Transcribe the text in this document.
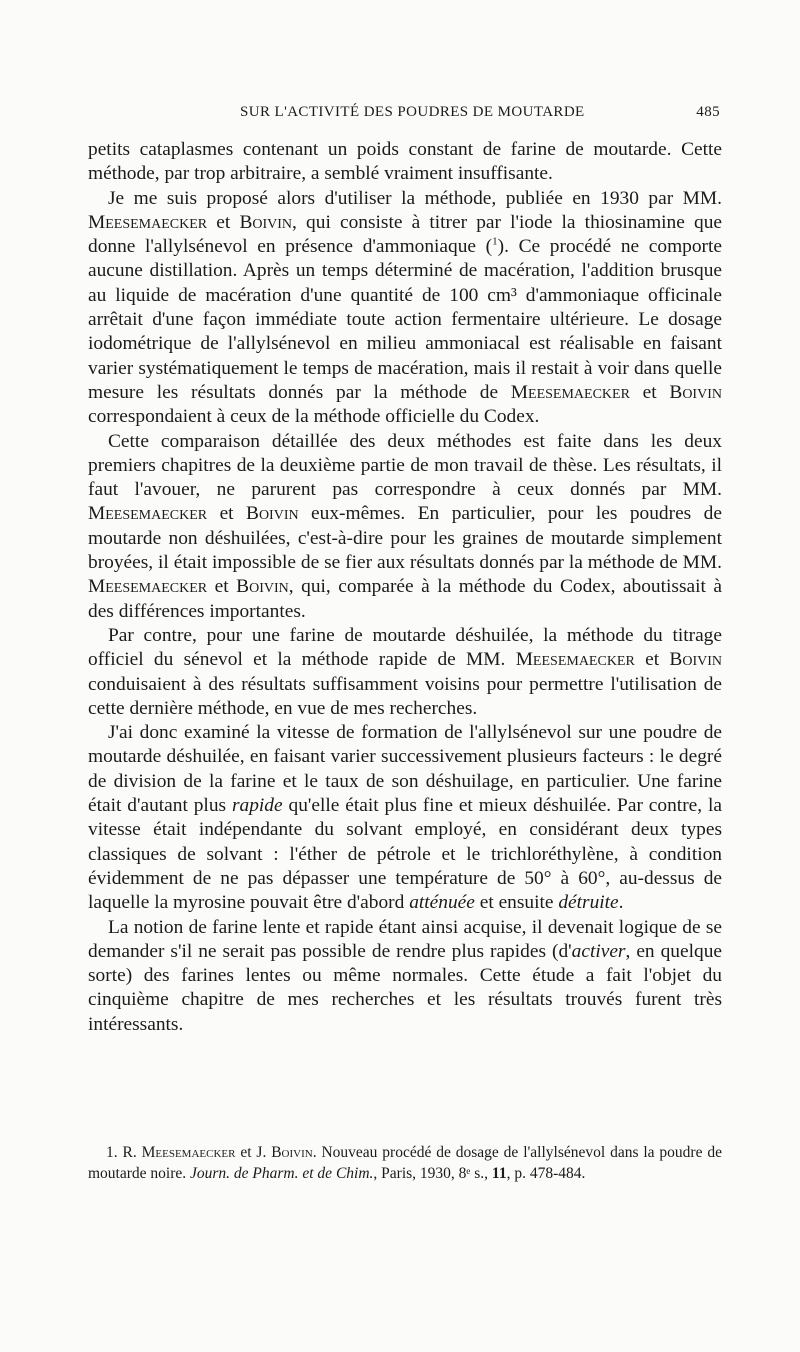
SUR L'ACTIVITÉ DES POUDRES DE MOUTARDE	485

petits cataplasmes contenant un poids constant de farine de moutarde. Cette méthode, par trop arbitraire, a semblé vraiment insuffisante.

Je me suis proposé alors d'utiliser la méthode, publiée en 1930 par MM. Meesemaecker et Boivin, qui consiste à titrer par l'iode la thiosinamine que donne l'allylsénevol en présence d'ammoniaque ($^1$). Ce procédé ne comporte aucune distillation. Après un temps déterminé de macération, l'addition brusque au liquide de macération d'une quantité de 100 cm³ d'ammoniaque officinale arrêtait d'une façon immédiate toute action fermentaire ultérieure. Le dosage iodométrique de l'allylsénevol en milieu ammoniacal est réalisable en faisant varier systématiquement le temps de macération, mais il restait à voir dans quelle mesure les résultats donnés par la méthode de Meesemaecker et Boivin correspondaient à ceux de la méthode officielle du Codex.

Cette comparaison détaillée des deux méthodes est faite dans les deux premiers chapitres de la deuxième partie de mon travail de thèse. Les résultats, il faut l'avouer, ne parurent pas correspondre à ceux donnés par MM. Meesemaecker et Boivin eux-mêmes. En particulier, pour les poudres de moutarde non déshuilées, c'est-à-dire pour les graines de moutarde simplement broyées, il était impossible de se fier aux résultats donnés par la méthode de MM. Meesemaecker et Boivin, qui, comparée à la méthode du Codex, aboutissait à des différences importantes.

Par contre, pour une farine de moutarde déshuilée, la méthode du titrage officiel du sénevol et la méthode rapide de MM. Meesemaecker et Boivin conduisaient à des résultats suffisamment voisins pour permettre l'utilisation de cette dernière méthode, en vue de mes recherches.

J'ai donc examiné la vitesse de formation de l'allylsénevol sur une poudre de moutarde déshuilée, en faisant varier successivement plusieurs facteurs : le degré de division de la farine et le taux de son déshuilage, en particulier. Une farine était d'autant plus rapide qu'elle était plus fine et mieux déshuilée. Par contre, la vitesse était indépendante du solvant employé, en considérant deux types classiques de solvant : l'éther de pétrole et le trichloréthylène, à condition évidemment de ne pas dépasser une température de 50° à 60°, au-dessus de laquelle la myrosine pouvait être d'abord atténuée et ensuite détruite.

La notion de farine lente et rapide étant ainsi acquise, il devenait logique de se demander s'il ne serait pas possible de rendre plus rapides (d'activer, en quelque sorte) des farines lentes ou même normales. Cette étude a fait l'objet du cinquième chapitre de mes recherches et les résultats trouvés furent très intéressants.

1. R. Meesemaecker et J. Boivin. Nouveau procédé de dosage de l'allylsénevol dans la poudre de moutarde noire. Journ. de Pharm. et de Chim., Paris, 1930, 8ᵉ s., 11, p. 478-484.
